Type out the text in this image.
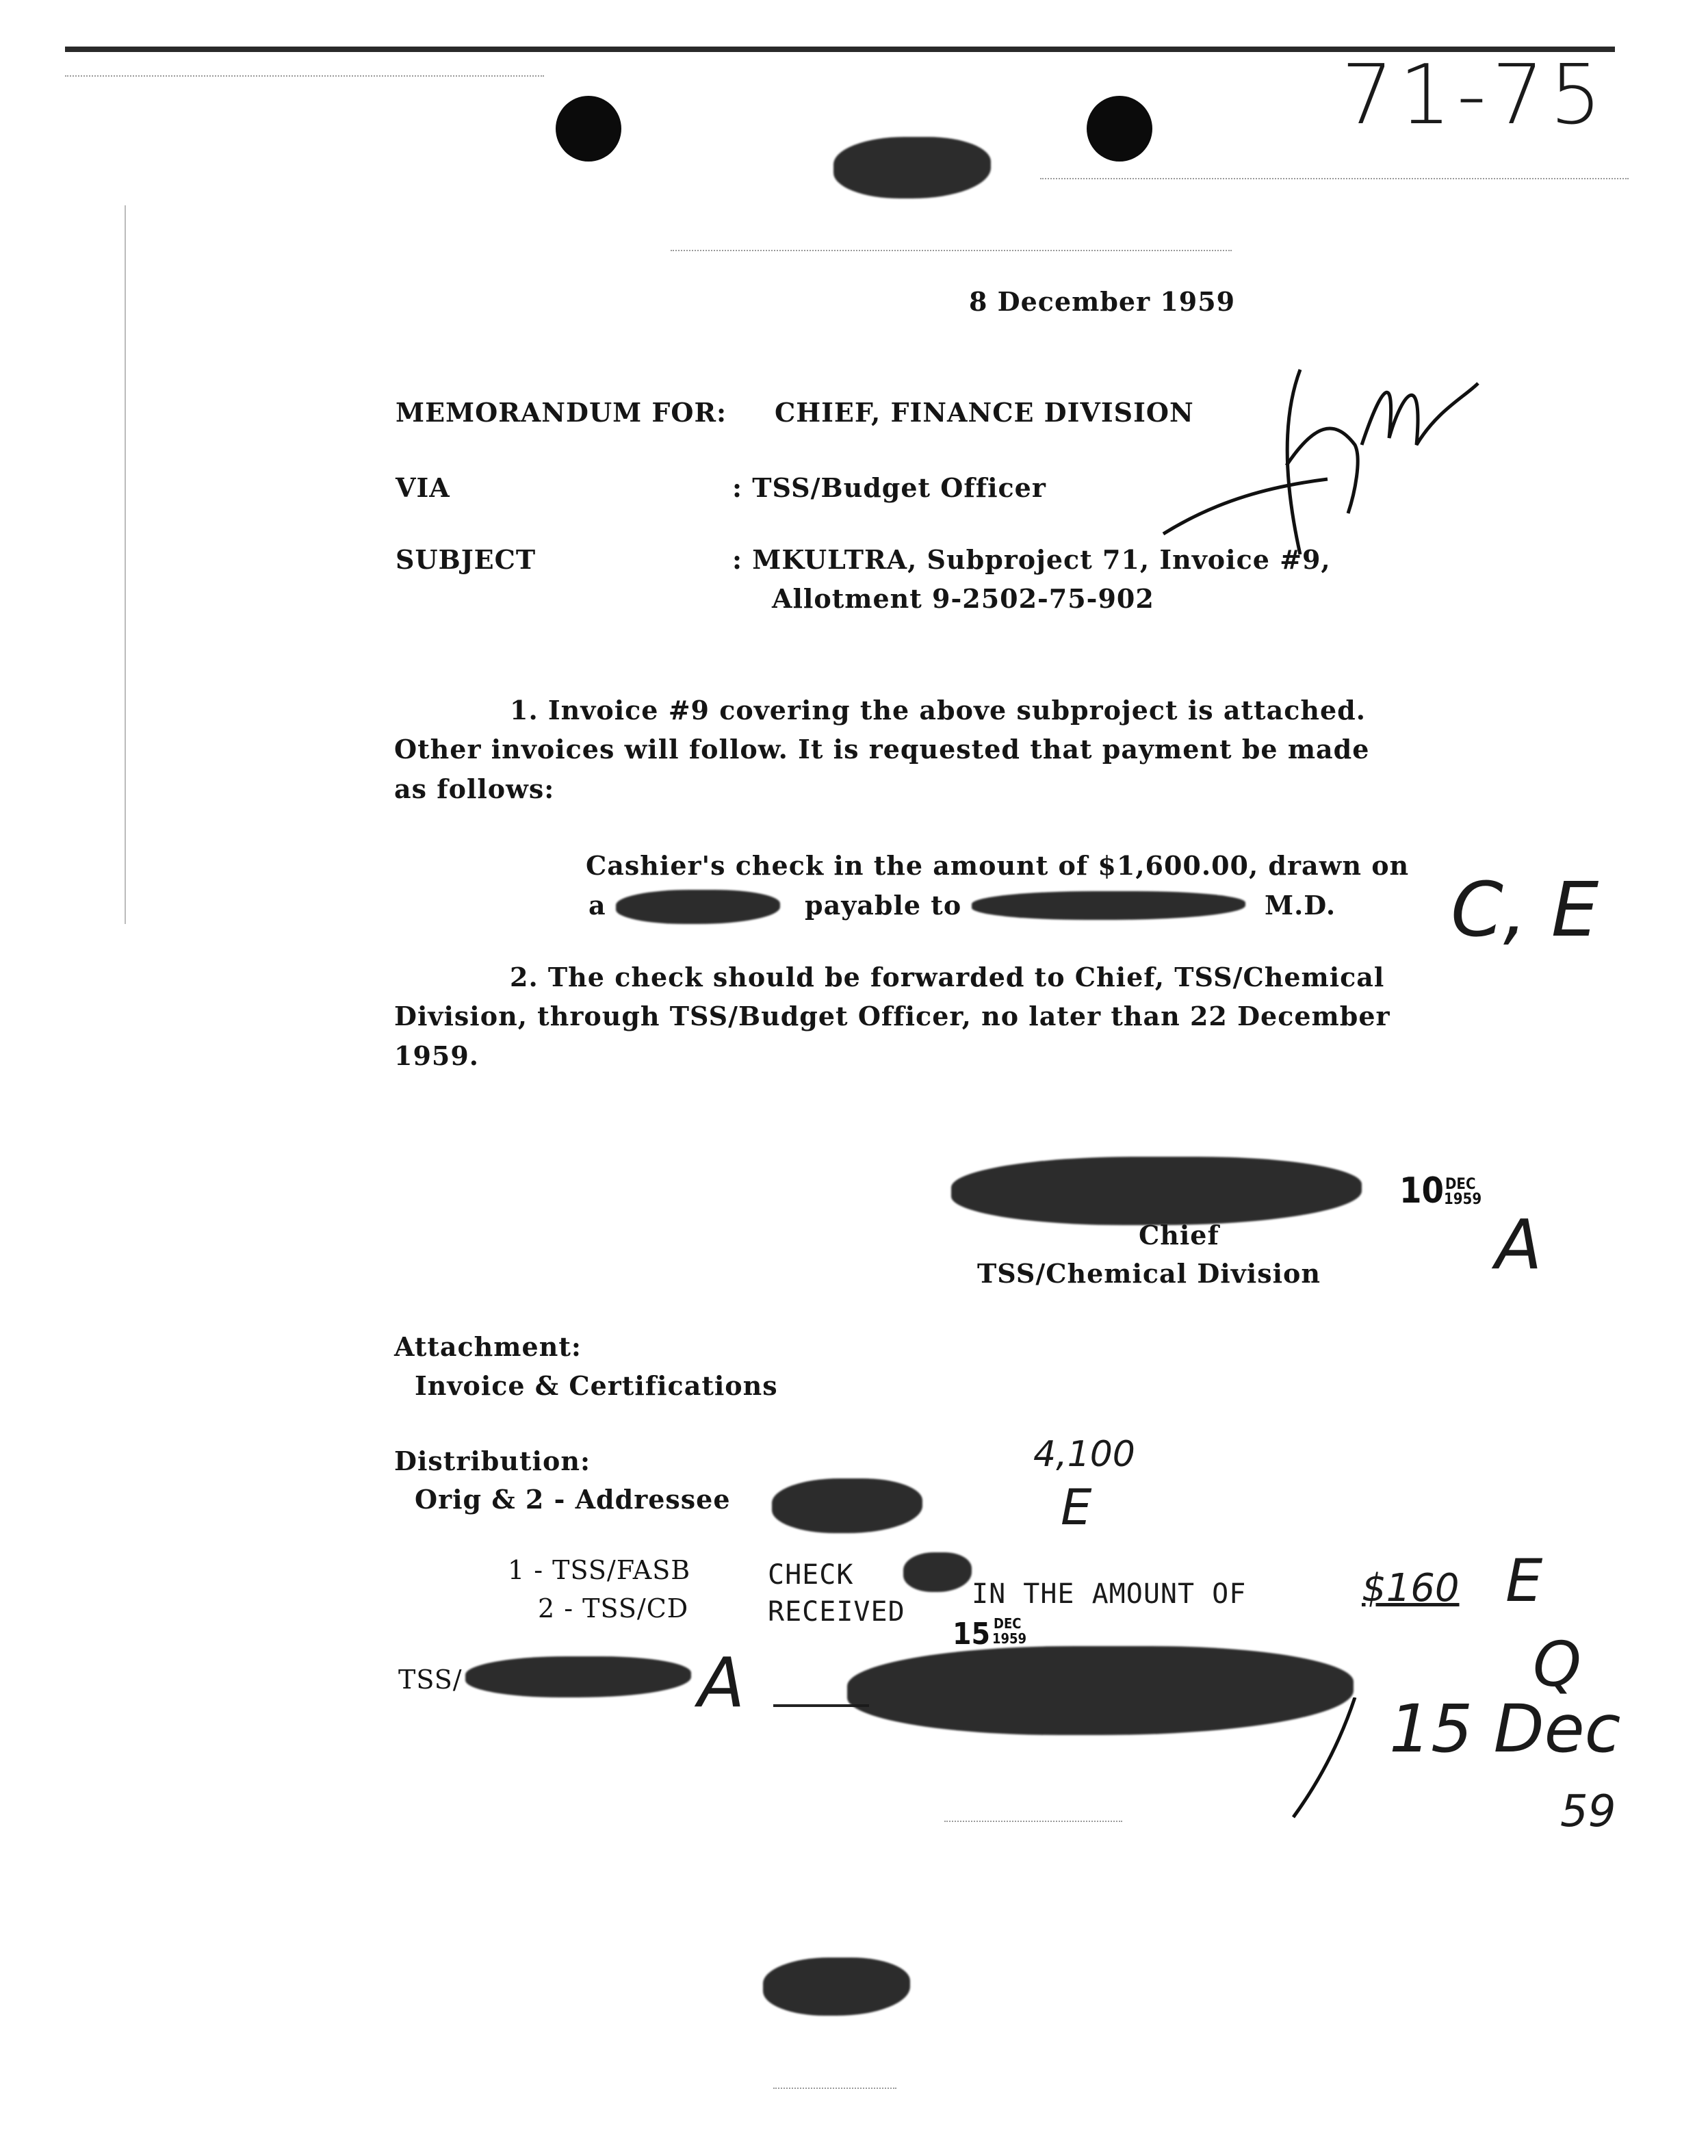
71-75
8 December 1959
MEMORANDUM FOR: CHIEF, FINANCE DIVISION
VIA	: TSS/Budget Officer
SUBJECT	: MKULTRA, Subproject 71, Invoice #9,
Allotment 9-2502-75-902
1. Invoice #9 covering the above subproject is attached.
Other invoices will follow. It is requested that payment be made
as follows:
Cashier's check in the amount of $1,600.00, drawn on
a	payable to	M.D. C, E
2. The check should be forwarded to Chief, TSS/Chemical
Division, through TSS/Budget Officer, no later than 22 December
1959.
10 DEC
1959
Chief
TSS/Chemical Division	A
Attachment:
Invoice & Certifications
Distribution:
Orig & 2 - Addressee
4,100
E
1 - TSS/FASB
2 - TSS/CD
CHECK
IN THE AMOUNT OF	$160 E
RECEIVED
15 DEC
1959
TSS/	A	Q
15 Dec
59
